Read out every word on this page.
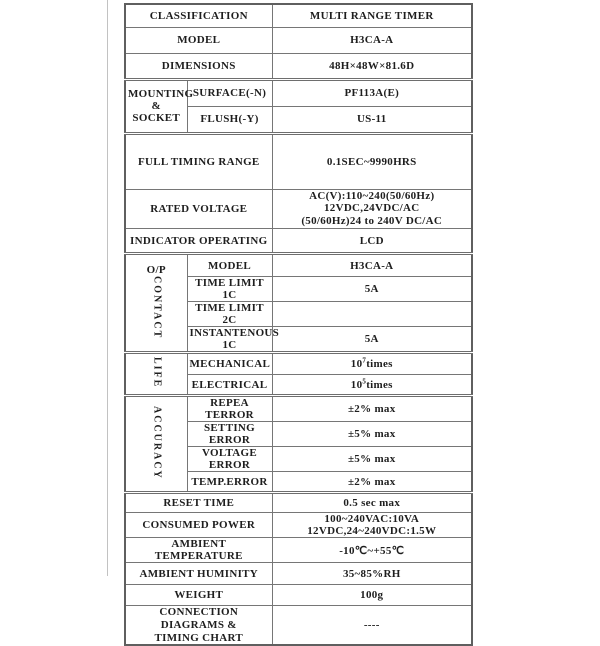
CLASSIFICATION		MULTI RANGE TIMER
MODEL		H3CA-A
DIMENSIONS		48H×48W×81.6D

MOUNTING
& SOCKET	SURFACE(-N)	PF113A(E)
	FLUSH(-Y)	US-11
FULL TIMING RANGE		0.1SEC~9990HRS
RATED VOLTAGE		AC(V):110~240(50/60Hz)
12VDC,24VDC/AC
(50/60Hz)24 to 240V DC/AC

INDICATOR OPERATING		LCD

O/P
CONTACT	MODEL	H3CA-A
	TIME LIMIT 1C	5A
	TIME LIMIT 2C	
	INSTANTENOUS 1C	5A
LIFE	MECHANICAL	$10^7times$
	ELECTRICAL	$10^5times$
ACCURACY	REPEA TERROR	±2% max
	SETTING ERROR	±5% max
	VOLTAGE ERROR	±5% max
	TEMP.ERROR	±2% max
RESET TIME		0.5 sec max
CONSUMED POWER		100~240VAC:10VA 12VDC,24~240VDC:1.5W
AMBIENT TEMPERATURE		-10℃~+55℃
AMBIENT HUMINITY		35~85%RH
WEIGHT		100g

CONNECTION DIAGRAMS &
TIMING CHART		----
